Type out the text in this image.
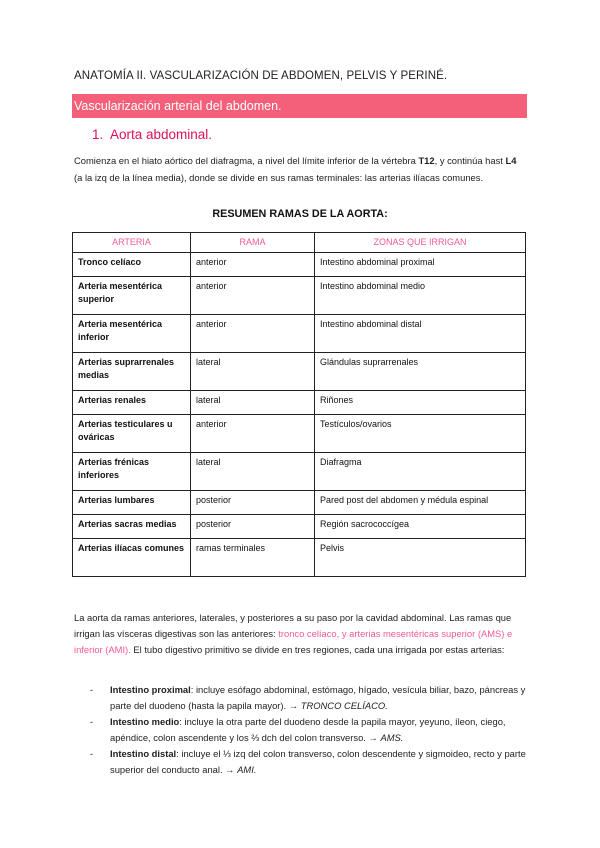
ANATOMÍA II. VASCULARIZACIÓN DE ABDOMEN, PELVIS Y PERINÉ.
Vascularización arterial del abdomen.
1. Aorta abdominal.
Comienza en el hiato aórtico del diafragma, a nivel del límite inferior de la vértebra T12, y continúa hast L4 (a la izq de la línea media), donde se divide en sus ramas terminales: las arterias ilíacas comunes.
RESUMEN RAMAS DE LA AORTA:
ARTERIA	RAMA	ZONAS QUE IRRIGAN
Tronco celíaco	anterior	Intestino abdominal proximal
Arteria mesentérica superior	anterior	Intestino abdominal medio
Arteria mesentérica inferior	anterior	Intestino abdominal distal
Arterias suprarrenales medias	lateral	Glándulas suprarrenales
Arterias renales	lateral	Riñones
Arterias testiculares u ováricas	anterior	Testículos/ovarios
Arterias frénicas inferiores	lateral	Diafragma
Arterias lumbares	posterior	Pared post del abdomen y médula espinal
Arterias sacras medias	posterior	Región sacrococcígea
Arterias ilíacas comunes	ramas terminales	Pelvis
La aorta da ramas anteriores, laterales, y posteriores a su paso por la cavidad abdominal. Las ramas que irrigan las vísceras digestivas son las anteriores: tronco celíaco, y arterias mesentéricas superior (AMS) e inferior (AMI). El tubo digestivo primitivo se divide en tres regiones, cada una irrigada por estas arterias:
- Intestino proximal: incluye esófago abdominal, estómago, hígado, vesícula biliar, bazo, páncreas y parte del duodeno (hasta la papila mayor). → TRONCO CELÍACO.
- Intestino medio: incluye la otra parte del duodeno desde la papila mayor, yeyuno, íleon, ciego, apéndice, colon ascendente y los ⅔ dch del colon transverso. → AMS.
- Intestino distal: incluye el ⅓ izq del colon transverso, colon descendente y sigmoideo, recto y parte superior del conducto anal. → AMI.
